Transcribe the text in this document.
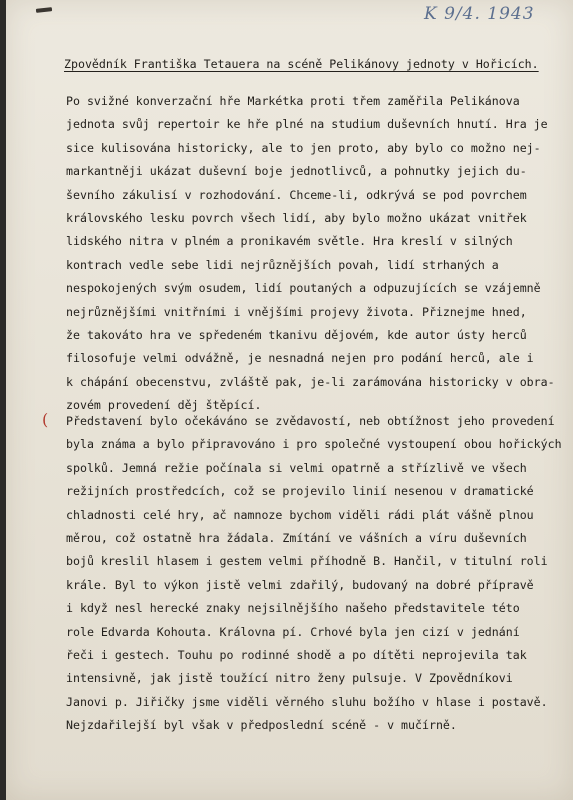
K 9/4. 1943
Zpovědník Františka Tetauera na scéně Pelikánovy jednoty v Hořicích.
Po svižné konverzační hře Markétka proti třem zaměřila Pelikánova
jednota svůj repertoir ke hře plné na studium duševních hnutí. Hra je
sice kulisována historicky, ale to jen proto, aby bylo co možno nej-
markantněji ukázat duševní boje jednotlivců, a pohnutky jejich du-
ševního zákulisí v rozhodování. Chceme-li, odkrývá se pod povrchem
královského lesku povrch všech lidí, aby bylo možno ukázat vnitřek
lidského nitra v plném a pronikavém světle. Hra kreslí v silných
kontrach vedle sebe lidi nejrůznějších povah, lidí strhaných a
nespokojených svým osudem, lidí poutaných a odpuzujících se vzájemně
nejrůznějšími vnitřními i vnějšími projevy života. Přiznejme hned,
že takováto hra ve spředeném tkanivu dějovém, kde autor ústy herců
filosofuje velmi odvážně, je nesnadná nejen pro podání herců, ale i
k chápání obecenstvu, zvláště pak, je-li zarámována historicky v obra-
zovém provedení děj štěpící.
( Představení bylo očekáváno se zvědavostí, neb obtížnost jeho provedení
byla známa a bylo připravováno i pro společné vystoupení obou hořických
spolků. Jemná režie počínala si velmi opatrně a střízlivě ve všech
režijních prostředcích, což se projevilo linií nesenou v dramatické
chladnosti celé hry, ač namnoze bychom viděli rádi plát vášně plnou
měrou, což ostatně hra žádala. Zmítání ve vášních a víru duševních
bojů kreslil hlasem i gestem velmi příhodně B. Hančil, v titulní roli
krále. Byl to výkon jistě velmi zdařilý, budovaný na dobré přípravě
i když nesl herecké znaky nejsilnějšího našeho představitele této
role Edvarda Kohouta. Královna pí. Crhové byla jen cizí v jednání
řeči i gestech. Touhu po rodinné shodě a po dítěti neprojevila tak
intensivně, jak jistě toužící nitro ženy pulsuje. V Zpovědníkovi
Janovi p. Jiřičky jsme viděli věrného sluhu božího v hlase i postavě.
Nejzdařilejší byl však v předposlední scéně - v mučírně.
